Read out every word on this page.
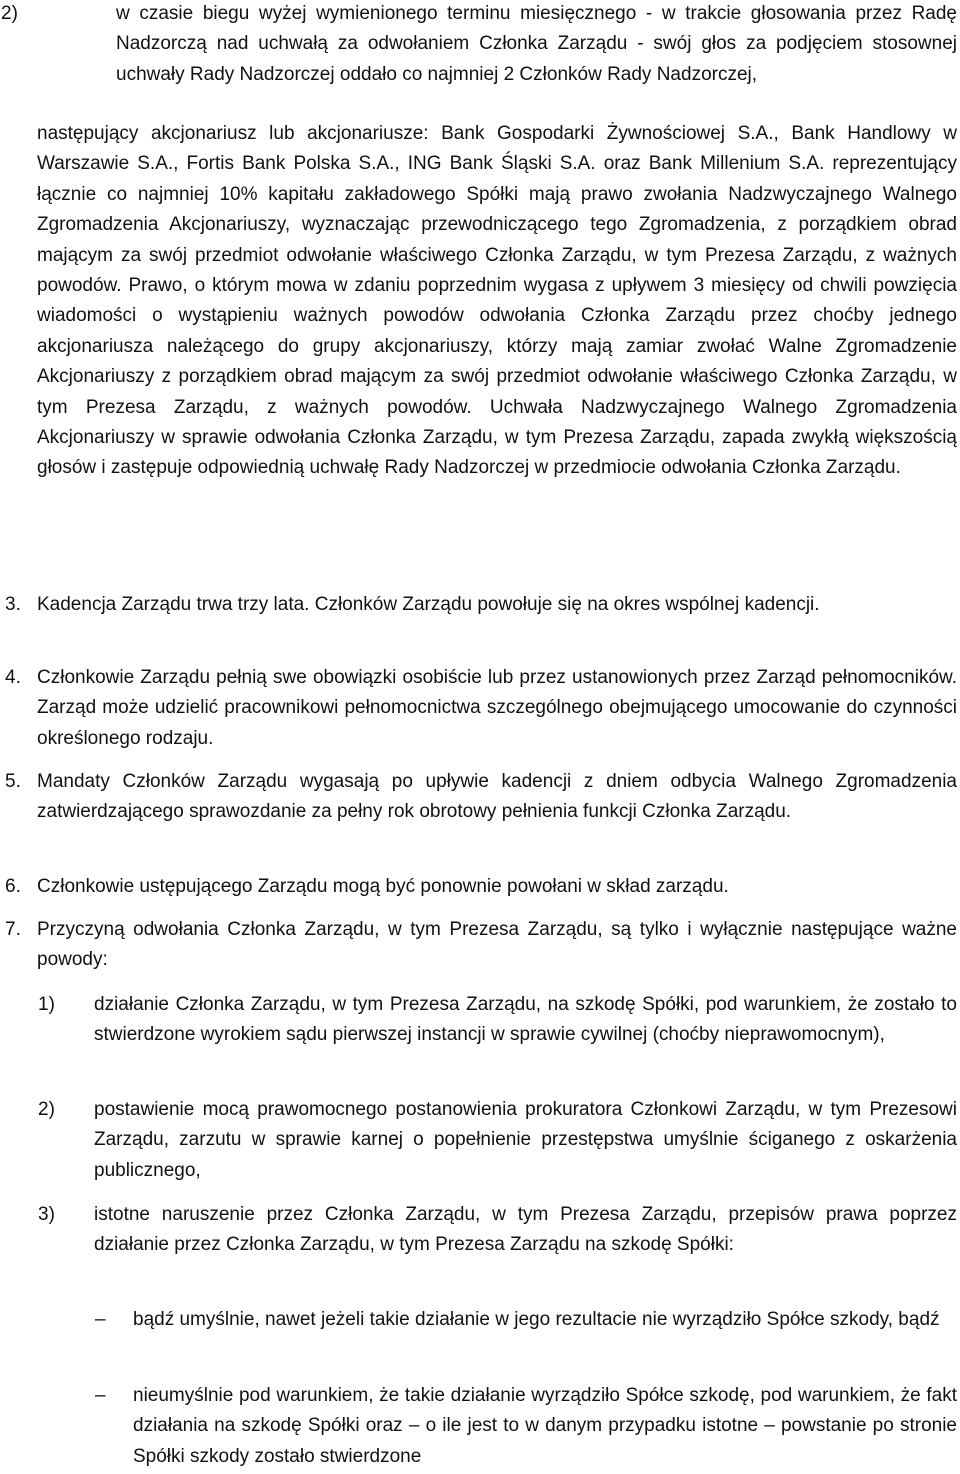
2)	w czasie biegu wyżej wymienionego terminu miesięcznego - w trakcie głosowania przez Radę Nadzorczą nad uchwałą za odwołaniem Członka Zarządu - swój głos za podjęciem stosownej uchwały Rady Nadzorczej oddało co najmniej 2 Członków Rady Nadzorczej,
następujący akcjonariusz lub akcjonariusze: Bank Gospodarki Żywnościowej S.A., Bank Handlowy w Warszawie S.A., Fortis Bank Polska S.A., ING Bank Śląski S.A. oraz Bank Millenium S.A. reprezentujący łącznie co najmniej 10% kapitału zakładowego Spółki mają prawo zwołania Nadzwyczajnego Walnego Zgromadzenia Akcjonariuszy, wyznaczając przewodniczącego tego Zgromadzenia, z porządkiem obrad mającym za swój przedmiot odwołanie właściwego Członka Zarządu, w tym Prezesa Zarządu, z ważnych powodów. Prawo, o którym mowa w zdaniu poprzednim wygasa z upływem 3 miesięcy od chwili powzięcia wiadomości o wystąpieniu ważnych powodów odwołania Członka Zarządu przez choćby jednego akcjonariusza należącego do grupy akcjonariuszy, którzy mają zamiar zwołać Walne Zgromadzenie Akcjonariuszy z porządkiem obrad mającym za swój przedmiot odwołanie właściwego Członka Zarządu, w tym Prezesa Zarządu, z ważnych powodów. Uchwała Nadzwyczajnego Walnego Zgromadzenia Akcjonariuszy w sprawie odwołania Członka Zarządu, w tym Prezesa Zarządu, zapada zwykłą większością głosów i zastępuje odpowiednią uchwałę Rady Nadzorczej w przedmiocie odwołania Członka Zarządu.
3. Kadencja Zarządu trwa trzy lata. Członków Zarządu powołuje się na okres wspólnej kadencji.
4. Członkowie Zarządu pełnią swe obowiązki osobiście lub przez ustanowionych przez Zarząd pełnomocników. Zarząd może udzielić pracownikowi pełnomocnictwa szczególnego obejmującego umocowanie do czynności określonego rodzaju.
5. Mandaty Członków Zarządu wygasają po upływie kadencji z dniem odbycia Walnego Zgromadzenia zatwierdzającego sprawozdanie za pełny rok obrotowy pełnienia funkcji Członka Zarządu.
6. Członkowie ustępującego Zarządu mogą być ponownie powołani w skład zarządu.
7. Przyczyną odwołania Członka Zarządu, w tym Prezesa Zarządu, są tylko i wyłącznie następujące ważne powody:
1)	działanie Członka Zarządu, w tym Prezesa Zarządu, na szkodę Spółki, pod warunkiem, że zostało to stwierdzone wyrokiem sądu pierwszej instancji w sprawie cywilnej (choćby nieprawomocnym),
2)	postawienie mocą prawomocnego postanowienia prokuratora Członkowi Zarządu, w tym Prezesowi Zarządu, zarzutu w sprawie karnej o popełnienie przestępstwa umyślnie ściganego z oskarżenia publicznego,
3)	istotne naruszenie przez Członka Zarządu, w tym Prezesa Zarządu, przepisów prawa poprzez działanie przez Członka Zarządu, w tym Prezesa Zarządu na szkodę Spółki:
–	bądź umyślnie, nawet jeżeli takie działanie w jego rezultacie nie wyrządziło Spółce szkody, bądź
–	nieumyślnie pod warunkiem, że takie działanie wyrządziło Spółce szkodę, pod warunkiem, że fakt działania na szkodę Spółki oraz – o ile jest to w danym przypadku istotne – powstanie po stronie Spółki szkody zostało stwierdzone
